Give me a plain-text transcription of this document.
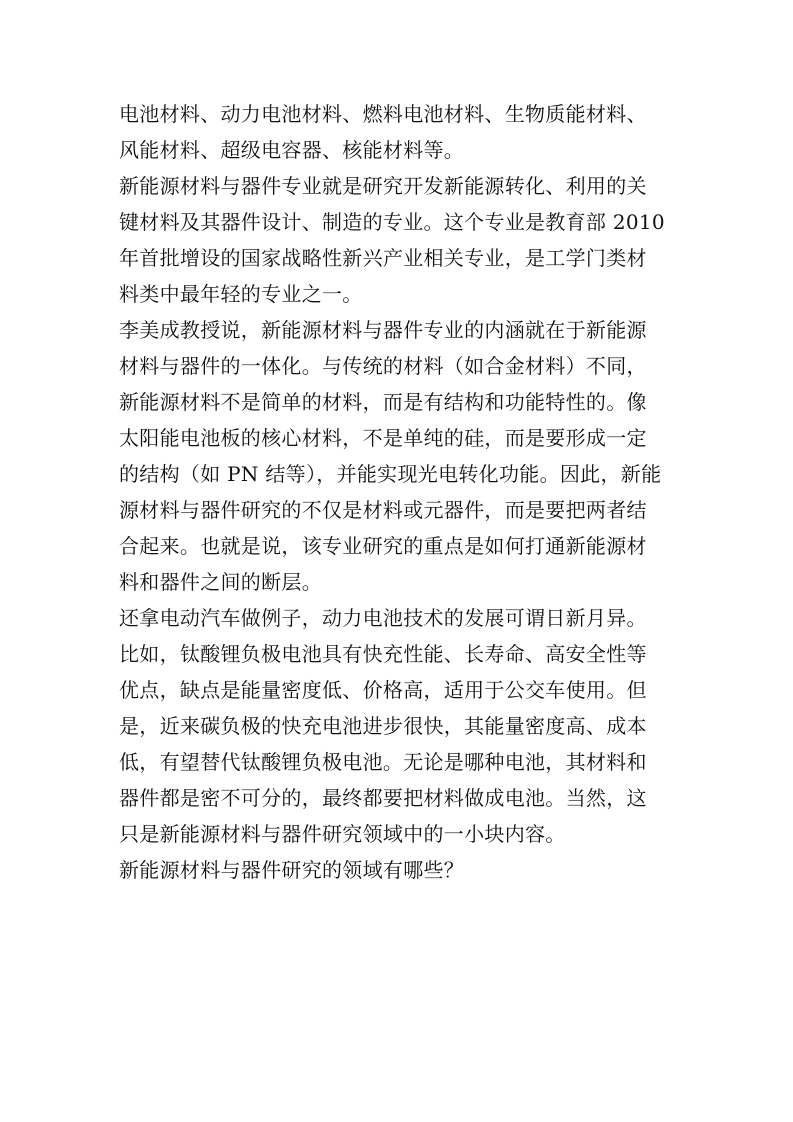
电池材料、动力电池材料、燃料电池材料、生物质能材料、
风能材料、超级电容器、核能材料等。
新能源材料与器件专业就是研究开发新能源转化、利用的关
键材料及其器件设计、制造的专业。这个专业是教育部 2010
年首批增设的国家战略性新兴产业相关专业，是工学门类材
料类中最年轻的专业之一。
李美成教授说，新能源材料与器件专业的内涵就在于新能源
材料与器件的一体化。与传统的材料（如合金材料）不同，
新能源材料不是简单的材料，而是有结构和功能特性的。像
太阳能电池板的核心材料，不是单纯的硅，而是要形成一定
的结构（如 PN 结等），并能实现光电转化功能。因此，新能
源材料与器件研究的不仅是材料或元器件，而是要把两者结
合起来。也就是说，该专业研究的重点是如何打通新能源材
料和器件之间的断层。
还拿电动汽车做例子，动力电池技术的发展可谓日新月异。
比如，钛酸锂负极电池具有快充性能、长寿命、高安全性等
优点，缺点是能量密度低、价格高，适用于公交车使用。但
是，近来碳负极的快充电池进步很快，其能量密度高、成本
低，有望替代钛酸锂负极电池。无论是哪种电池，其材料和
器件都是密不可分的，最终都要把材料做成电池。当然，这
只是新能源材料与器件研究领域中的一小块内容。
新能源材料与器件研究的领域有哪些？
